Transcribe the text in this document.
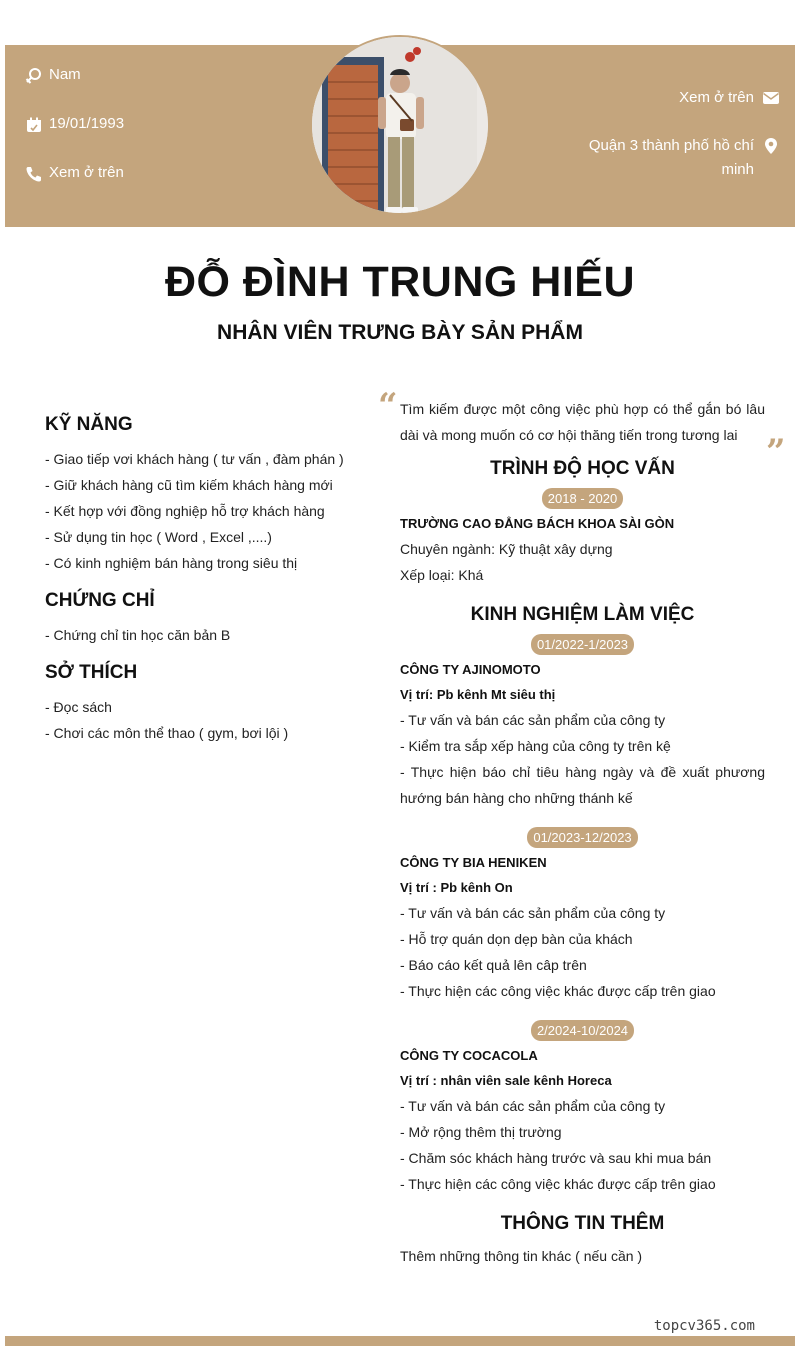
Nam
19/01/1993
Xem ở trên
Xem ở trên
Quận 3 thành phố hồ chí minh
ĐỖ ĐÌNH TRUNG HIẾU
NHÂN VIÊN TRƯNG BÀY SẢN PHẨM
KỸ NĂNG
- Giao tiếp vơi khách hàng ( tư vấn , đàm phán )
- Giữ khách hàng cũ tìm kiếm khách hàng mới
- Kết hợp với đồng nghiệp hỗ trợ khách hàng
- Sử dụng tin học ( Word , Excel ,....)
- Có kinh nghiệm bán hàng trong siêu thị
CHỨNG CHỈ
- Chứng chỉ tin học căn bản B
SỞ THÍCH
- Đọc sách
- Chơi các môn thể thao ( gym, bơi lội )
“
”
Tìm kiếm được một công việc phù hợp có thể gắn bó lâu dài và mong muốn có cơ hội thăng tiến trong tương lai
TRÌNH ĐỘ HỌC VẤN
2018 - 2020
TRƯỜNG CAO ĐẲNG BÁCH KHOA SÀI GÒN
Chuyên ngành: Kỹ thuật xây dựng
Xếp loại: Khá
KINH NGHIỆM LÀM VIỆC
01/2022-1/2023
CÔNG TY AJINOMOTO
Vị trí: Pb kênh Mt siêu thị
- Tư vấn và bán các sản phẩm của công ty
- Kiểm tra sắp xếp hàng của công ty trên kệ
- Thực hiện báo chỉ tiêu hàng ngày và đề xuất phương hướng bán hàng cho những thánh kế
01/2023-12/2023
CÔNG TY BIA HENIKEN
Vị trí : Pb kênh On
- Tư vấn và bán các sản phẩm của công ty
- Hỗ trợ quán dọn dẹp bàn của khách
- Báo cáo kết quả lên câp trên
- Thực hiện các công việc khác được cấp trên giao
2/2024-10/2024
CÔNG TY COCACOLA
Vị trí : nhân viên sale kênh Horeca
- Tư vấn và bán các sản phẩm của công ty
- Mở rộng thêm thị trường
- Chăm sóc khách hàng trước và sau khi mua bán
- Thực hiện các công việc khác được cấp trên giao
THÔNG TIN THÊM
Thêm những thông tin khác ( nếu cần )
topcv365.com
